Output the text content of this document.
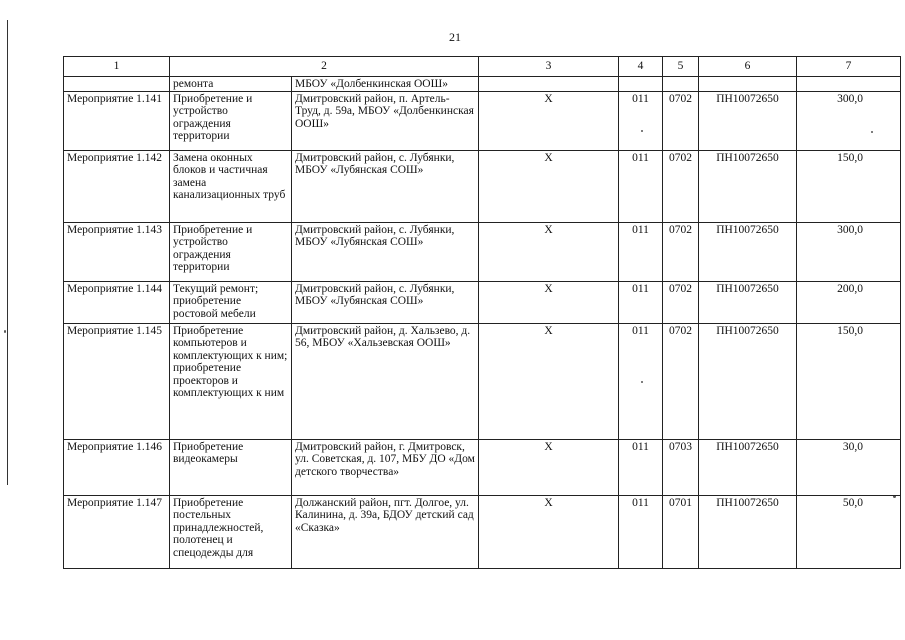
21
1	2		3	4	5	6	7
	ремонта	МБОУ «Долбенкинская ООШ»					
Мероприятие 1.141	Приобретение и устройство ограждения территории	Дмитровский район, п. Артель-Труд, д. 59а, МБОУ «Долбенкинская ООШ»	Х	011	0702	ПН10072650	300,0
Мероприятие 1.142	Замена оконных блоков и частичная замена канализационных труб	Дмитровский район, с. Лубянки, МБОУ «Лубянская СОШ»	Х	011	0702	ПН10072650	150,0
Мероприятие 1.143	Приобретение и устройство ограждения территории	Дмитровский район, с. Лубянки, МБОУ «Лубянская СОШ»	Х	011	0702	ПН10072650	300,0
Мероприятие 1.144	Текущий ремонт; приобретение ростовой мебели	Дмитровский район, с. Лубянки, МБОУ «Лубянская СОШ»	Х	011	0702	ПН10072650	200,0
Мероприятие 1.145	Приобретение компьютеров и комплектующих к ним; приобретение проекторов и комплектующих к ним	Дмитровский район, д. Хальзево, д. 56, МБОУ «Хальзевская ООШ»	Х	011	0702	ПН10072650	150,0
Мероприятие 1.146	Приобретение видеокамеры	Дмитровский район, г. Дмитровск, ул. Советская, д. 107, МБУ ДО «Дом детского творчества»	Х	011	0703	ПН10072650	30,0
Мероприятие 1.147	Приобретение постельных принадлежностей, полотенец и спецодежды для	Должанский район, пгт. Долгое, ул. Калинина, д. 39а, БДОУ детский сад «Сказка»	Х	011	0701	ПН10072650	50,0
